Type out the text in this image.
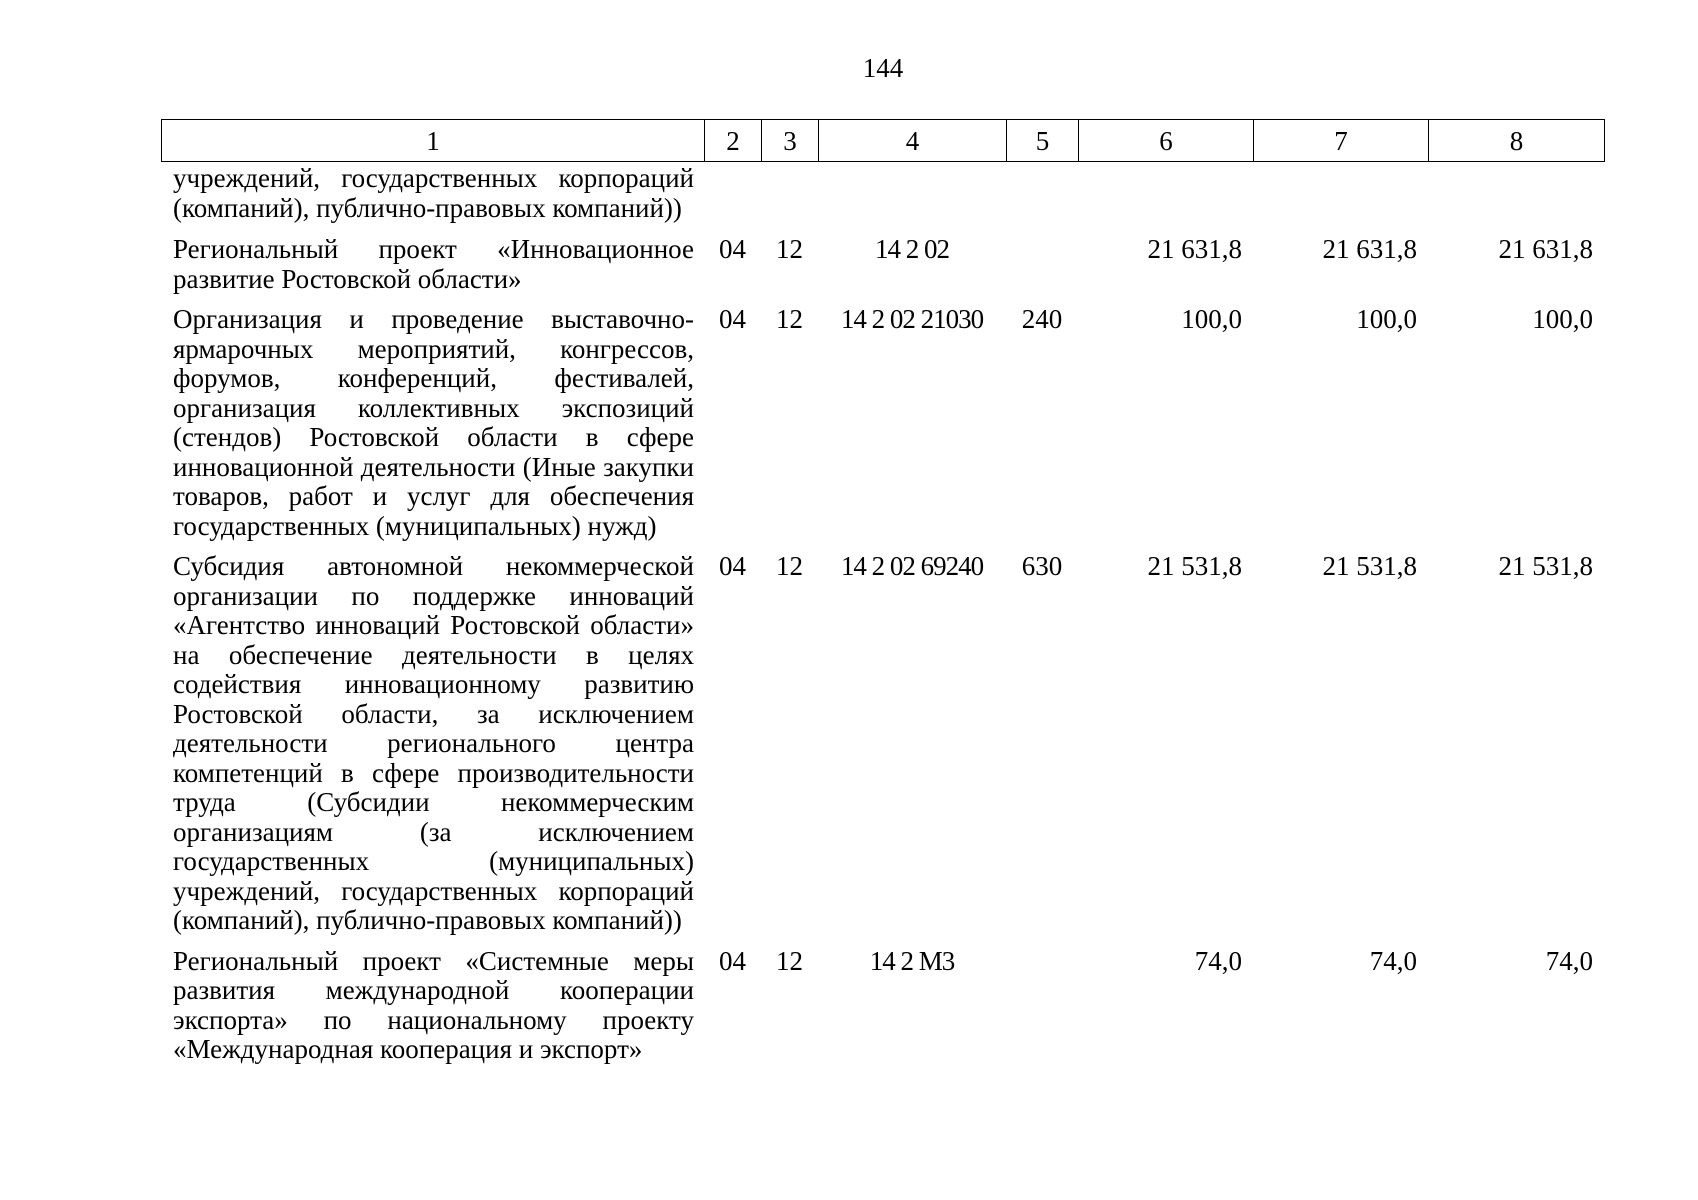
144
1	2	3	4	5	6	7	8
учреждений, государственных корпораций (компаний), публично-правовых компаний))							
Региональный проект «Инновационное развитие Ростовской области»	04	12	14 2 02		21 631,8	21 631,8	21 631,8
Организация и проведение выставочно-ярмарочных мероприятий, конгрессов, форумов, конференций, фестивалей, организация коллективных экспозиций (стендов) Ростовской области в сфере инновационной деятельности (Иные закупки товаров, работ и услуг для обеспечения государственных (муниципальных) нужд)	04	12	14 2 02 21030	240	100,0	100,0	100,0
Субсидия автономной некоммерческой организации по поддержке инноваций «Агентство инноваций Ростовской области» на обеспечение деятельности в целях содействия инновационному развитию Ростовской области, за исключением деятельности регионального центра компетенций в сфере производительности труда (Субсидии некоммерческим организациям (за исключением государственных (муниципальных) учреждений, государственных корпораций (компаний), публично-правовых компаний))	04	12	14 2 02 69240	630	21 531,8	21 531,8	21 531,8
Региональный проект «Системные меры развития международной кооперации экспорта» по национальному проекту «Международная кооперация и экспорт»	04	12	14 2 M3		74,0	74,0	74,0
